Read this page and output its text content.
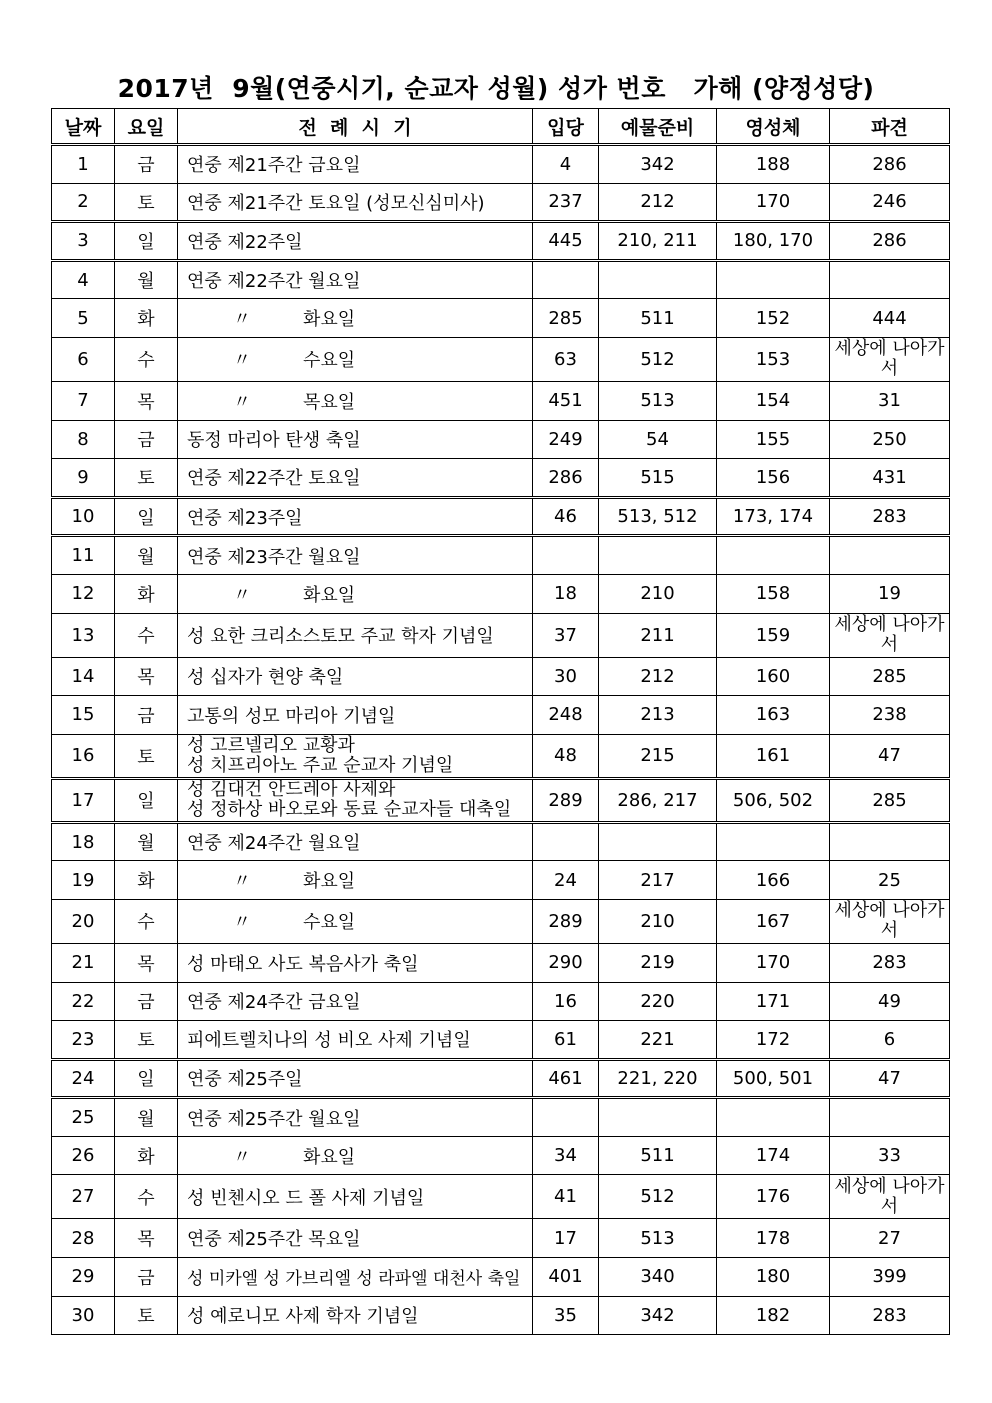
2017년  9월(연중시기, 순교자 성월) 성가 번호   가해 (양정성당)
날짜	요일	전  례  시  기	입당	예물준비	영성체	파견
1	금	연중 제21주간 금요일	4	342	188	286
2	토	연중 제21주간 토요일 (성모신심미사)	237	212	170	246
3	일	연중 제22주일	445	210, 211	180, 170	286
4	월	연중 제22주간 월요일				
5	화	〃 화요일	285	511	152	444
6	수	〃 수요일	63	512	153	세상에 나아가서
7	목	〃 목요일	451	513	154	31
8	금	동정 마리아 탄생 축일	249	54	155	250
9	토	연중 제22주간 토요일	286	515	156	431
10	일	연중 제23주일	46	513, 512	173, 174	283
11	월	연중 제23주간 월요일				
12	화	〃 화요일	18	210	158	19
13	수	성 요한 크리소스토모 주교 학자 기념일	37	211	159	세상에 나아가서
14	목	성 십자가 현양 축일	30	212	160	285
15	금	고통의 성모 마리아 기념일	248	213	163	238
16	토	성 고르넬리오 교황과
성 치프리아노 주교 순교자 기념일	48	215	161	47
17	일	성 김대건 안드레아 사제와
성 정하상 바오로와 동료 순교자들 대축일	289	286, 217	506, 502	285
18	월	연중 제24주간 월요일				
19	화	〃 화요일	24	217	166	25
20	수	〃 수요일	289	210	167	세상에 나아가서
21	목	성 마태오 사도 복음사가 축일	290	219	170	283
22	금	연중 제24주간 금요일	16	220	171	49
23	토	피에트렐치나의 성 비오 사제 기념일	61	221	172	6
24	일	연중 제25주일	461	221, 220	500, 501	47
25	월	연중 제25주간 월요일				
26	화	〃 화요일	34	511	174	33
27	수	성 빈첸시오 드 폴 사제 기념일	41	512	176	세상에 나아가서
28	목	연중 제25주간 목요일	17	513	178	27
29	금	성 미카엘 성 가브리엘 성 라파엘 대천사 축일	401	340	180	399
30	토	성 예로니모 사제 학자 기념일	35	342	182	283
